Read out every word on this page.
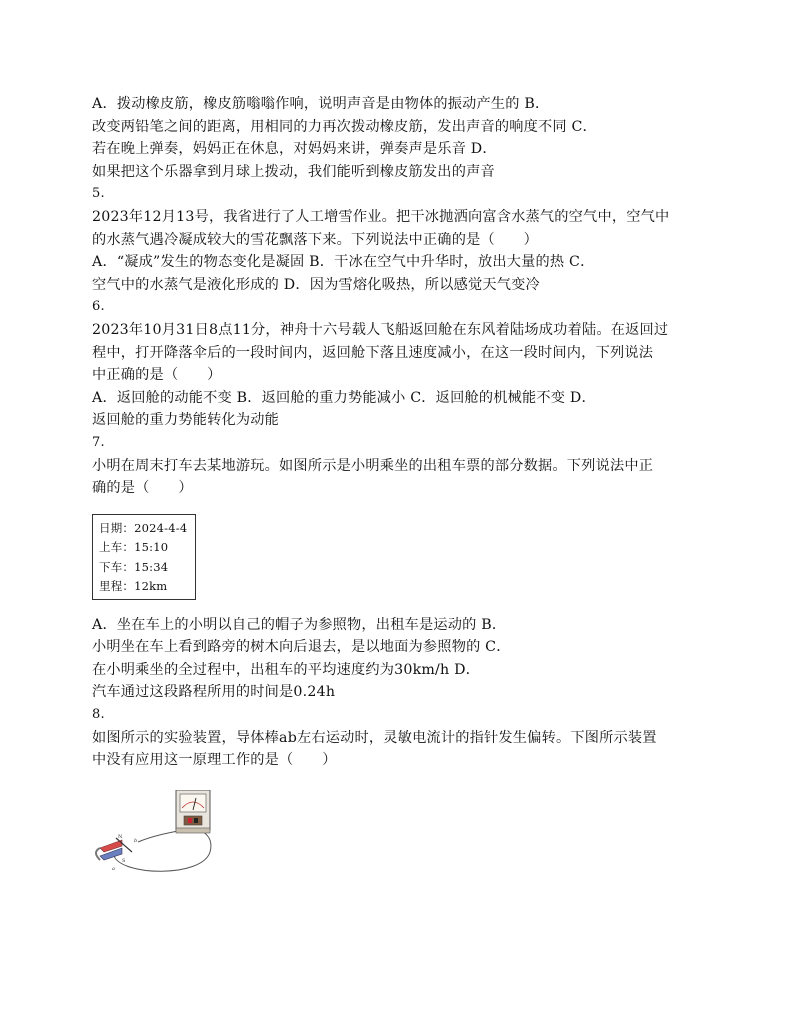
A．拨动橡皮筋，橡皮筋嗡嗡作响，说明声音是由物体的振动产生的 B．
改变两铅笔之间的距离，用相同的力再次拨动橡皮筋，发出声音的响度不同 C．
若在晚上弹奏，妈妈正在休息，对妈妈来讲，弹奏声是乐音 D．
如果把这个乐器拿到月球上拨动，我们能听到橡皮筋发出的声音
5.
2023年12月13号，我省进行了人工增雪作业。把干冰抛洒向富含水蒸气的空气中，空气中
的水蒸气遇冷凝成较大的雪花飘落下来。下列说法中正确的是（　　）
A．“凝成”发生的物态变化是凝固 B．干冰在空气中升华时，放出大量的热 C．
空气中的水蒸气是液化形成的 D．因为雪熔化吸热，所以感觉天气变冷
6.
2023年10月31日8点11分，神舟十六号载人飞船返回舱在东风着陆场成功着陆。在返回过
程中，打开降落伞后的一段时间内，返回舱下落且速度减小，在这一段时间内，下列说法
中正确的是（　　）
A．返回舱的动能不变 B．返回舱的重力势能减小 C．返回舱的机械能不变 D．
返回舱的重力势能转化为动能
7.
小明在周末打车去某地游玩。如图所示是小明乘坐的出租车票的部分数据。下列说法中正
确的是（　　）
日期：2024-4-4
上车：15:10
下车：15:34
里程：12km
A．坐在车上的小明以自己的帽子为参照物，出租车是运动的 B．
小明坐在车上看到路旁的树木向后退去，是以地面为参照物的 C．
在小明乘坐的全过程中，出租车的平均速度约为30km/h D．
汽车通过这段路程所用的时间是0.24h
8.
如图所示的实验装置，导体棒ab左右运动时，灵敏电流计的指针发生偏转。下图所示装置
中没有应用这一原理工作的是（　　）
N
S
a
b
